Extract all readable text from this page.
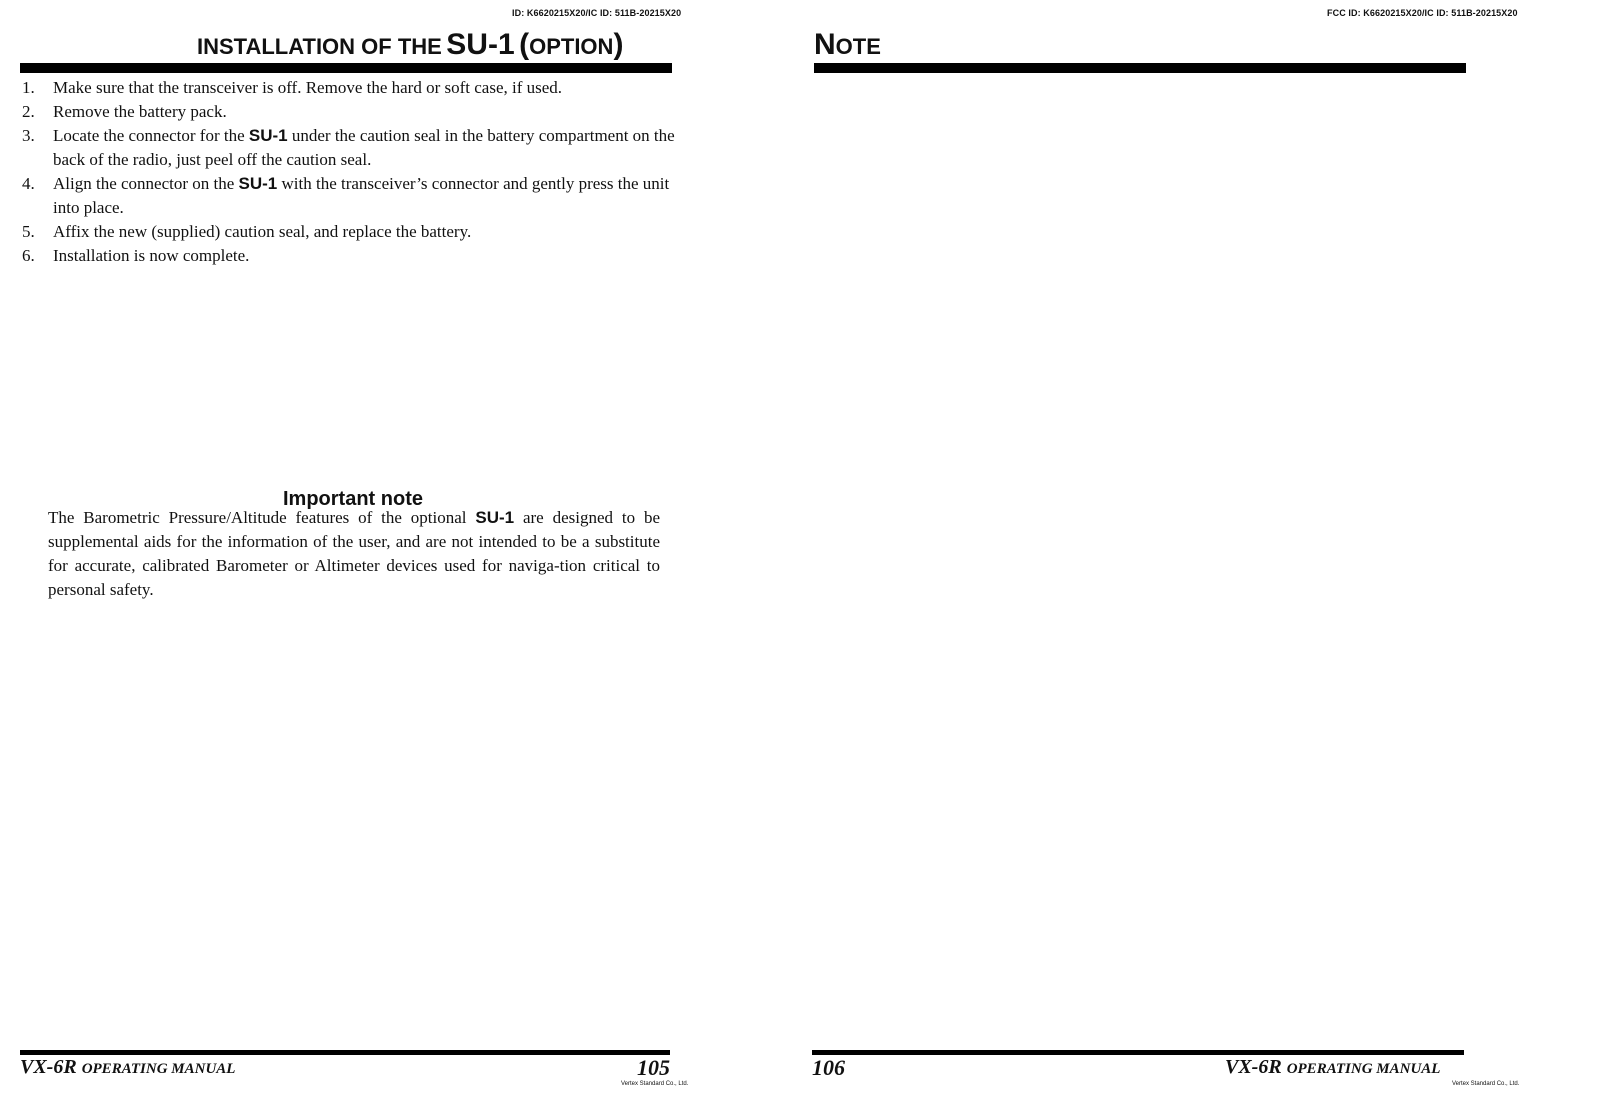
ID: K6620215X20/IC ID: 511B-20215X20
INSTALLATION OF THE SU-1 (OPTION)
1. Make sure that the transceiver is off. Remove the hard or soft case, if used.
2. Remove the battery pack.
3. Locate the connector for the SU-1 under the caution seal in the battery compartment on the back of the radio, just peel off the caution seal.
4. Align the connector on the SU-1 with the transceiver’s connector and gently press the unit into place.
5. Affix the new (supplied) caution seal, and replace the battery.
6. Installation is now complete.
Important note

The Barometric Pressure/Altitude features of the optional SU-1 are designed to be supplemental aids for the information of the user, and are not intended to be a substitute for accurate, calibrated Barometer or Altimeter devices used for naviga-tion critical to personal safety.

VX-6R OPERATING MANUAL	105
Vertex Standard Co., Ltd.
FCC ID: K6620215X20/IC ID: 511B-20215X20
NOTE
106	VX-6R OPERATING MANUAL
Vertex Standard Co., Ltd.
